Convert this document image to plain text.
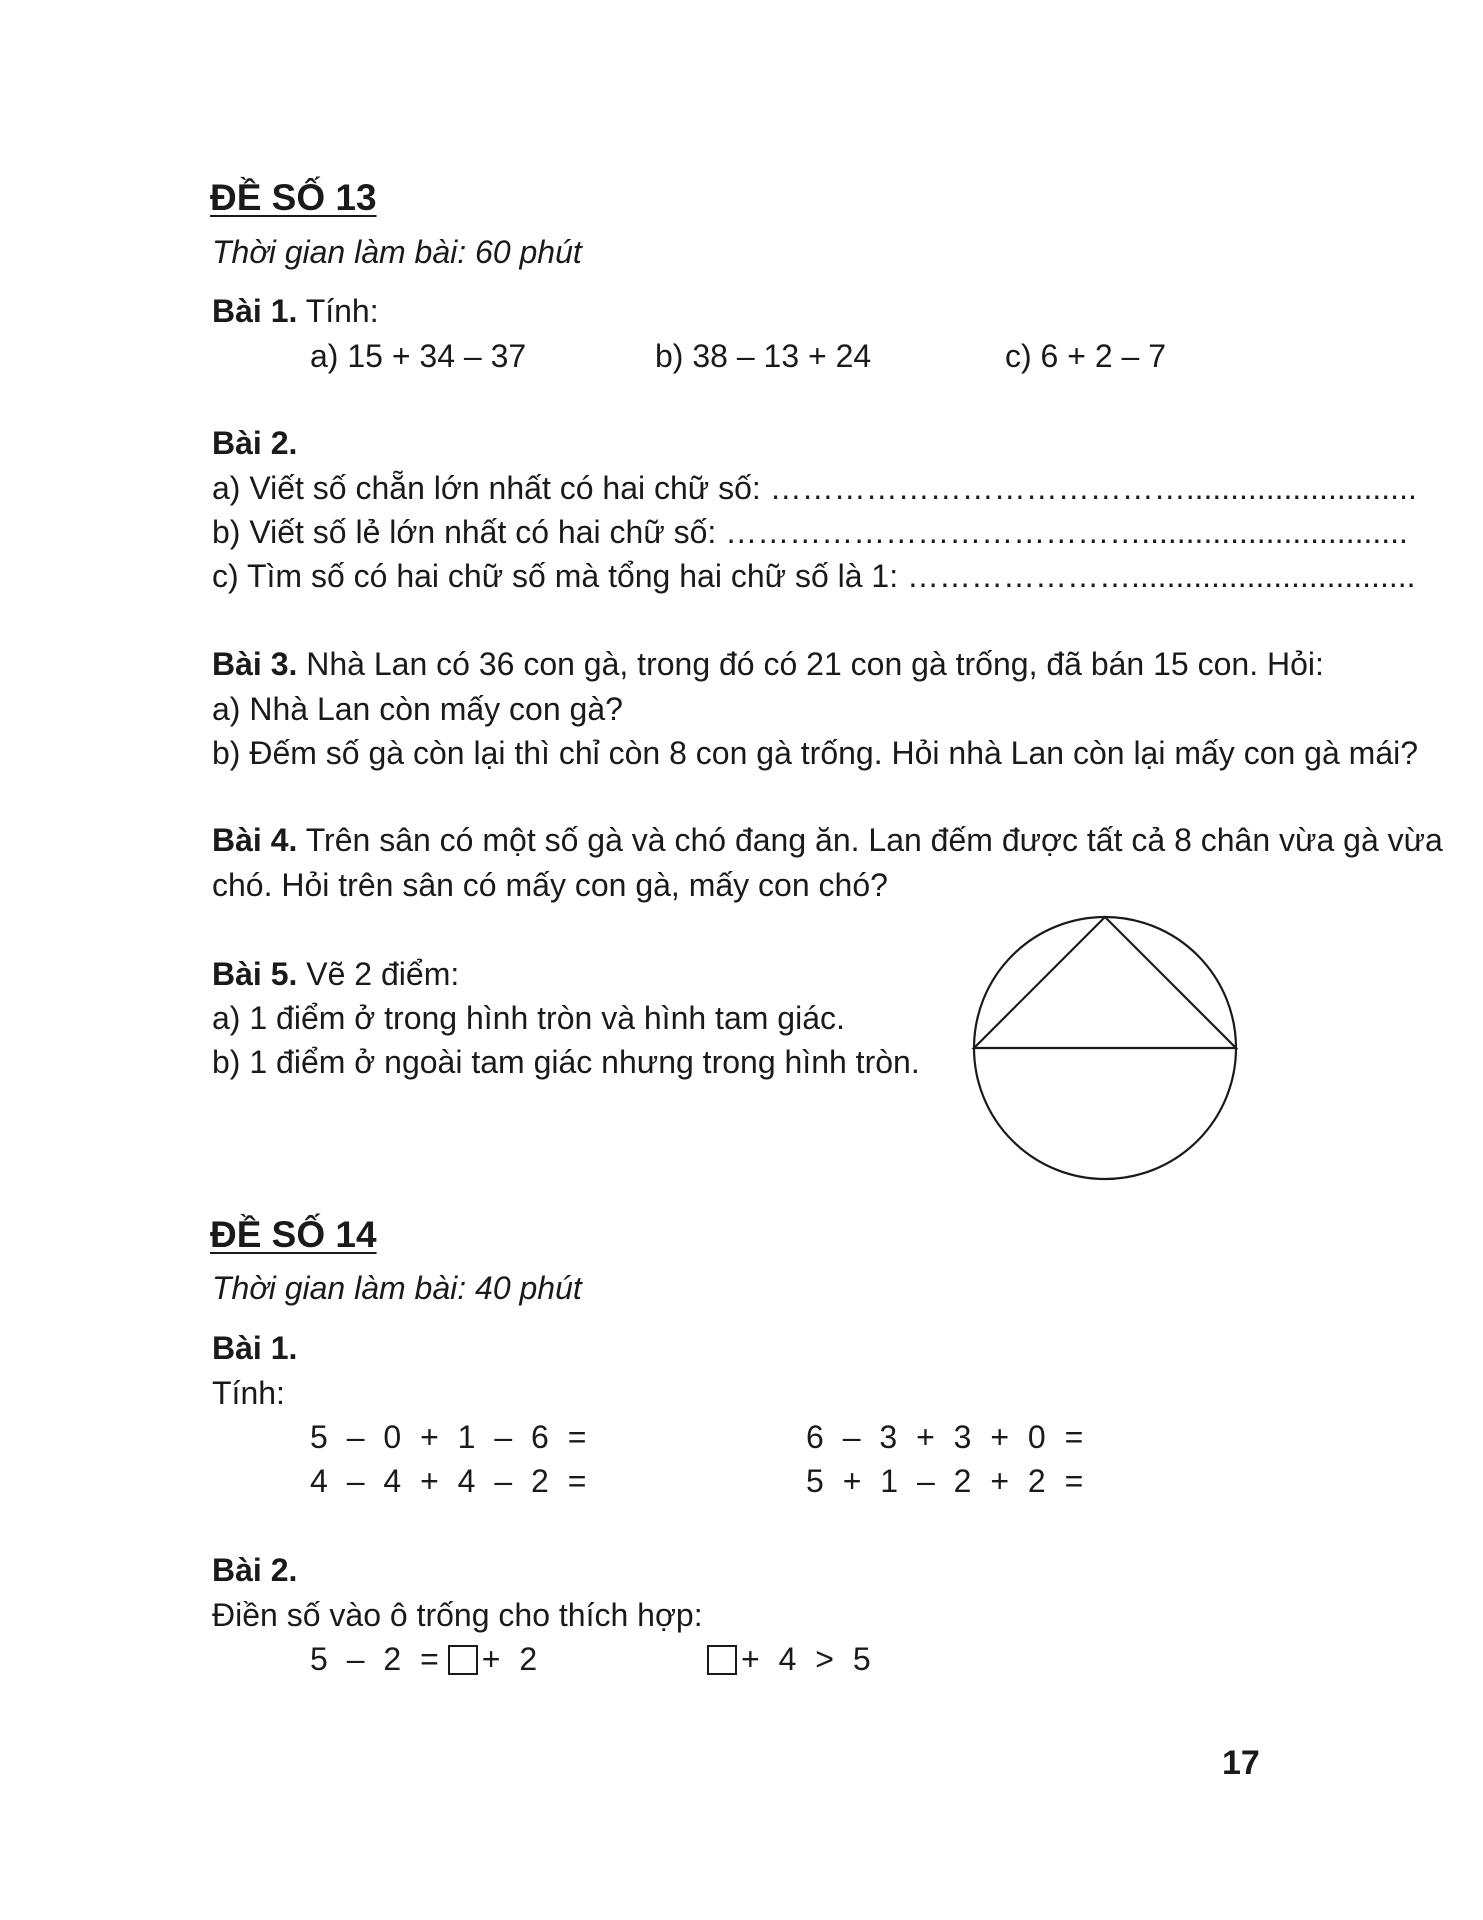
ĐỀ SỐ 13
Thời gian làm bài: 60 phút
Bài 1. Tính:
a) 15 + 34 – 37	b) 38 – 13 + 24	c) 6 + 2 – 7
Bài 2.
a) Viết số chẵn lớn nhất có hai chữ số: …………………………………..........................
b) Viết số lẻ lớn nhất có hai chữ số: …………………………………..............................
c) Tìm số có hai chữ số mà tổng hai chữ số là 1: …………………................................
Bài 3. Nhà Lan có 36 con gà, trong đó có 21 con gà trống, đã bán 15 con. Hỏi:
a) Nhà Lan còn mấy con gà?
b) Đếm số gà còn lại thì chỉ còn 8 con gà trống. Hỏi nhà Lan còn lại mấy con gà mái?
Bài 4. Trên sân có một số gà và chó đang ăn. Lan đếm được tất cả 8 chân vừa gà vừa
chó. Hỏi trên sân có mấy con gà, mấy con chó?
Bài 5. Vẽ 2 điểm:
a) 1 điểm ở trong hình tròn và hình tam giác.
b) 1 điểm ở ngoài tam giác nhưng trong hình tròn.
ĐỀ SỐ 14
Thời gian làm bài: 40 phút
Bài 1.
Tính:
5 – 0 + 1 – 6 =	6 – 3 + 3 + 0 =
4 – 4 + 4 – 2 =	5 + 1 – 2 + 2 =
Bài 2.
Điền số vào ô trống cho thích hợp:
5 – 2 = + 2	+ 4 > 5
17
